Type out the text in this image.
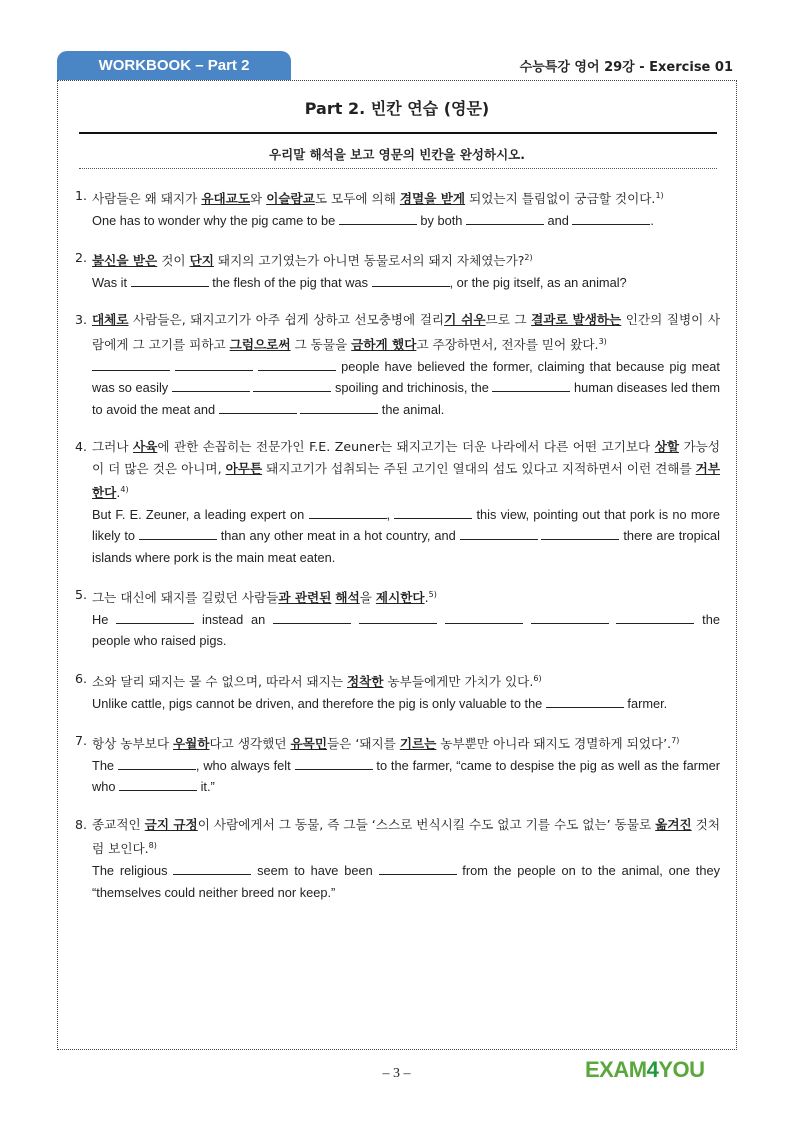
WORKBOOK – Part 2	수능특강 영어 29강 - Exercise 01
Part 2. 빈칸 연습 (영문)
우리말 해석을 보고 영문의 빈칸을 완성하시오.
1. 사람들은 왜 돼지가 유대교도와 이슬람교도 모두에 의해 경멸을 받게 되었는지 틀림없이 궁금할 것이다.$^{1)}$
One has to wonder why the pig came to be	by both	and	.
2. 불신을 받은 것이 단지 돼지의 고기였는가 아니면 동물로서의 돼지 자체였는가?$^{2)}$
Was it	the flesh of the pig that was	, or the pig itself, as an animal?
3. 대체로 사람들은, 돼지고기가 아주 쉽게 상하고 선모충병에 걸리기 쉬우므로 그 결과로 발생하는 인간의 질병이 사람에게 그 고기를 피하고 그럼으로써 그 동물을 금하게 했다고 주장하면서, 전자를 믿어 왔다.$^{3)}$
people have believed the former, claiming that because pig meat was so easily	spoiling and trichinosis, the	human diseases led them to avoid the meat and	the animal.
4. 그러나 사육에 관한 손꼽히는 전문가인 F.E. Zeuner는 돼지고기는 더운 나라에서 다른 어떤 고기보다 상할 가능성이 더 많은 것은 아니며, 아무튼 돼지고기가 섭취되는 주된 고기인 열대의 섬도 있다고 지적하면서 이런 견해를 거부한다.$^{4)}$
But F. E. Zeuner, a leading expert on	,	this view, pointing out that pork is no more likely to	than any other meat in a hot country, and	there are tropical islands where pork is the main meat eaten.
5. 그는 대신에 돼지를 길렀던 사람들과 관련된 해석을 제시한다.$^{5)}$
He	instead an	the people who raised pigs.
6. 소와 달리 돼지는 몰 수 없으며, 따라서 돼지는 정착한 농부들에게만 가치가 있다.$^{6)}$
Unlike cattle, pigs cannot be driven, and therefore the pig is only valuable to the	farmer.
7. 항상 농부보다 우월하다고 생각했던 유목민들은 ‘돼지를 기르는 농부뿐만 아니라 돼지도 경멸하게 되었다’.$^{7)}$
The	, who always felt	to the farmer, “came to despise the pig as well as the farmer who	it.”
8. 종교적인 금지 규정이 사람에게서 그 동물, 즉 그들 ‘스스로 번식시킬 수도 없고 기를 수도 없는’ 동물로 옮겨진 것처럼 보인다.$^{8)}$
The religious	seem to have been	from the people on to the animal, one they “themselves could neither breed nor keep.”
– 3 –	EXAM4YOU
